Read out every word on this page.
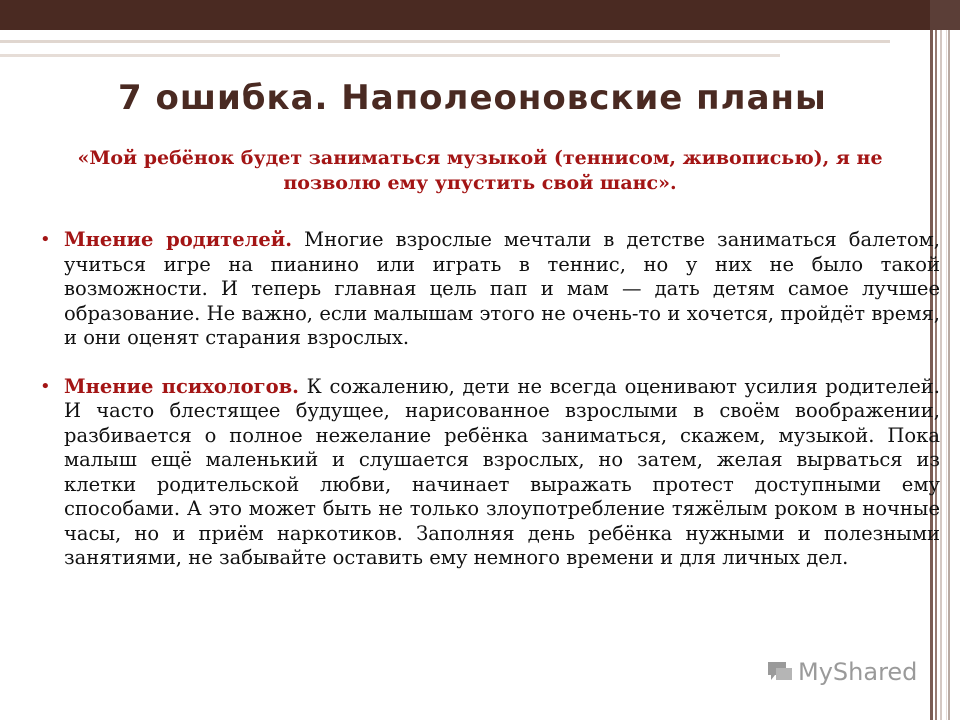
7 ошибка. Наполеоновские планы
«Мой ребёнок будет заниматься музыкой (теннисом, живописью), я не позволю ему упустить свой шанс».
• Мнение родителей. Многие взрослые мечтали в детстве заниматься балетом, учиться игре на пианино или играть в теннис, но у них не было такой возможности. И теперь главная цель пап и мам — дать детям самое лучшее образование. Не важно, если малышам этого не очень-то и хочется, пройдёт время, и они оценят старания взрослых.
• Мнение психологов. К сожалению, дети не всегда оценивают усилия родителей. И часто блестящее будущее, нарисованное взрослыми в своём воображении, разбивается о полное нежелание ребёнка заниматься, скажем, музыкой. Пока малыш ещё маленький и слушается взрослых, но затем, желая вырваться из клетки родительской любви, начинает выражать протест доступными ему способами. А это может быть не только злоупотребление тяжёлым роком в ночные часы, но и приём наркотиков. Заполняя день ребёнка нужными и полезными занятиями, не забывайте оставить ему немного времени и для личных дел.
MyShared
